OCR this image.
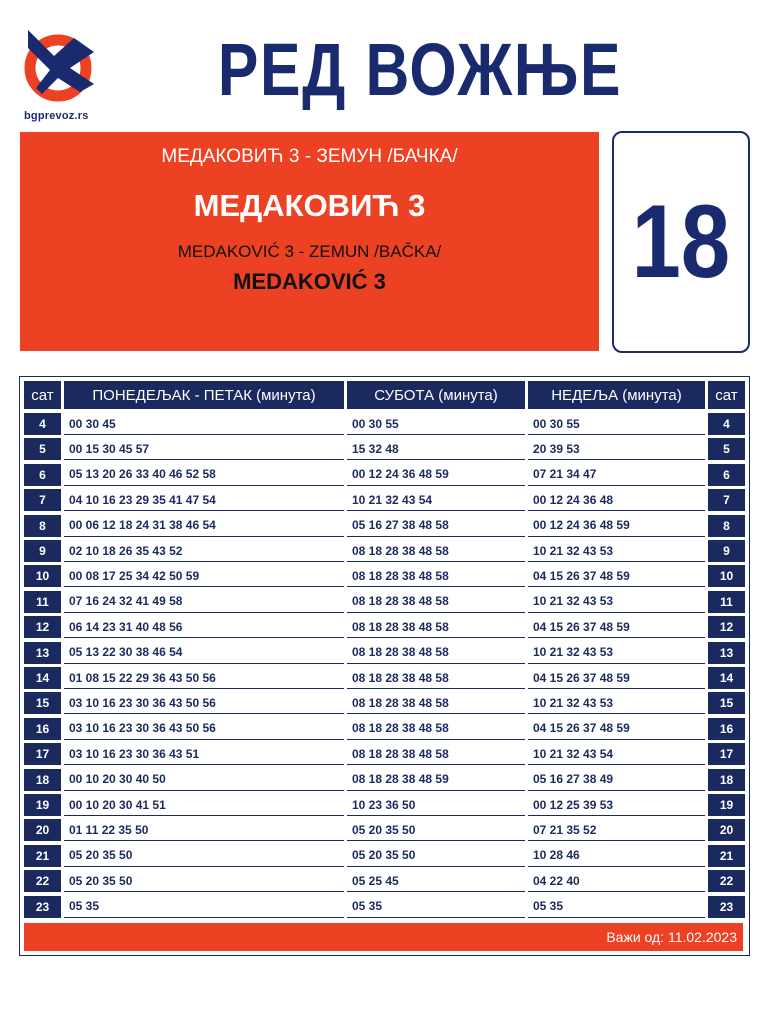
bgprevoz.rs
РЕД ВОЖЊЕ
МЕДАКОВИЋ 3 - ЗЕМУН /БАЧКА/
МЕДАКОВИЋ 3
MEDAKOVIĆ 3 - ZEMUN /BAČKA/
MEDAKOVIĆ 3	18
сат	ПОНЕДЕЉАК - ПЕТАК (минута)	СУБОТА (минута)	НЕДЕЉА (минута)	сат
4	00 30 45	00 30 55	00 30 55	4
5	00 15 30 45 57	15 32 48	20 39 53	5
6	05 13 20 26 33 40 46 52 58	00 12 24 36 48 59	07 21 34 47	6
7	04 10 16 23 29 35 41 47 54	10 21 32 43 54	00 12 24 36 48	7
8	00 06 12 18 24 31 38 46 54	05 16 27 38 48 58	00 12 24 36 48 59	8
9	02 10 18 26 35 43 52	08 18 28 38 48 58	10 21 32 43 53	9
10	00 08 17 25 34 42 50 59	08 18 28 38 48 58	04 15 26 37 48 59	10
11	07 16 24 32 41 49 58	08 18 28 38 48 58	10 21 32 43 53	11
12	06 14 23 31 40 48 56	08 18 28 38 48 58	04 15 26 37 48 59	12
13	05 13 22 30 38 46 54	08 18 28 38 48 58	10 21 32 43 53	13
14	01 08 15 22 29 36 43 50 56	08 18 28 38 48 58	04 15 26 37 48 59	14
15	03 10 16 23 30 36 43 50 56	08 18 28 38 48 58	10 21 32 43 53	15
16	03 10 16 23 30 36 43 50 56	08 18 28 38 48 58	04 15 26 37 48 59	16
17	03 10 16 23 30 36 43 51	08 18 28 38 48 58	10 21 32 43 54	17
18	00 10 20 30 40 50	08 18 28 38 48 59	05 16 27 38 49	18
19	00 10 20 30 41 51	10 23 36 50	00 12 25 39 53	19
20	01 11 22 35 50	05 20 35 50	07 21 35 52	20
21	05 20 35 50	05 20 35 50	10 28 46	21
22	05 20 35 50	05 25 45	04 22 40	22
23	05 35	05 35	05 35	23
Важи од: 11.02.2023
